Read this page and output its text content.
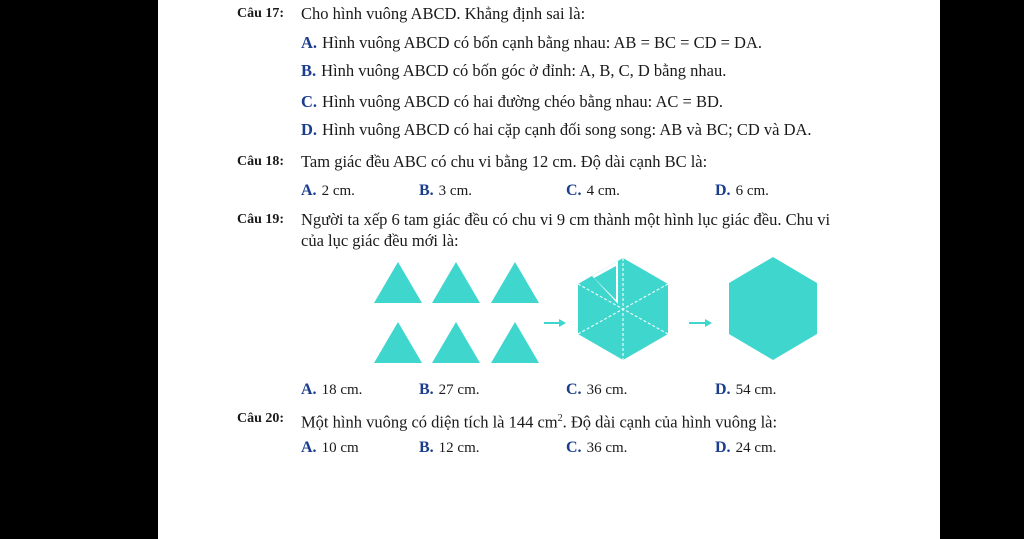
Câu 17: Cho hình vuông ABCD. Khẳng định sai là:
A. Hình vuông ABCD có bốn cạnh bằng nhau: AB = BC = CD = DA.
B. Hình vuông ABCD có bốn góc ở đỉnh: A, B, C, D bằng nhau.
C. Hình vuông ABCD có hai đường chéo bằng nhau: AC = BD.
D. Hình vuông ABCD có hai cặp cạnh đối song song: AB và BC; CD và DA.
Câu 18: Tam giác đều ABC có chu vi bằng 12 cm. Độ dài cạnh BC là:
A. 2 cm.	B. 3 cm.	C. 4 cm.	D. 6 cm.
Câu 19: Người ta xếp 6 tam giác đều có chu vi 9 cm thành một hình lục giác đều. Chu vi
của lục giác đều mới là:
A. 18 cm.	B. 27 cm.	C. 36 cm.	D. 54 cm.
Câu 20: Một hình vuông có diện tích là 144 $cm^2$. Độ dài cạnh của hình vuông là:
A. 10 cm	B. 12 cm.	C. 36 cm.	D. 24 cm.
